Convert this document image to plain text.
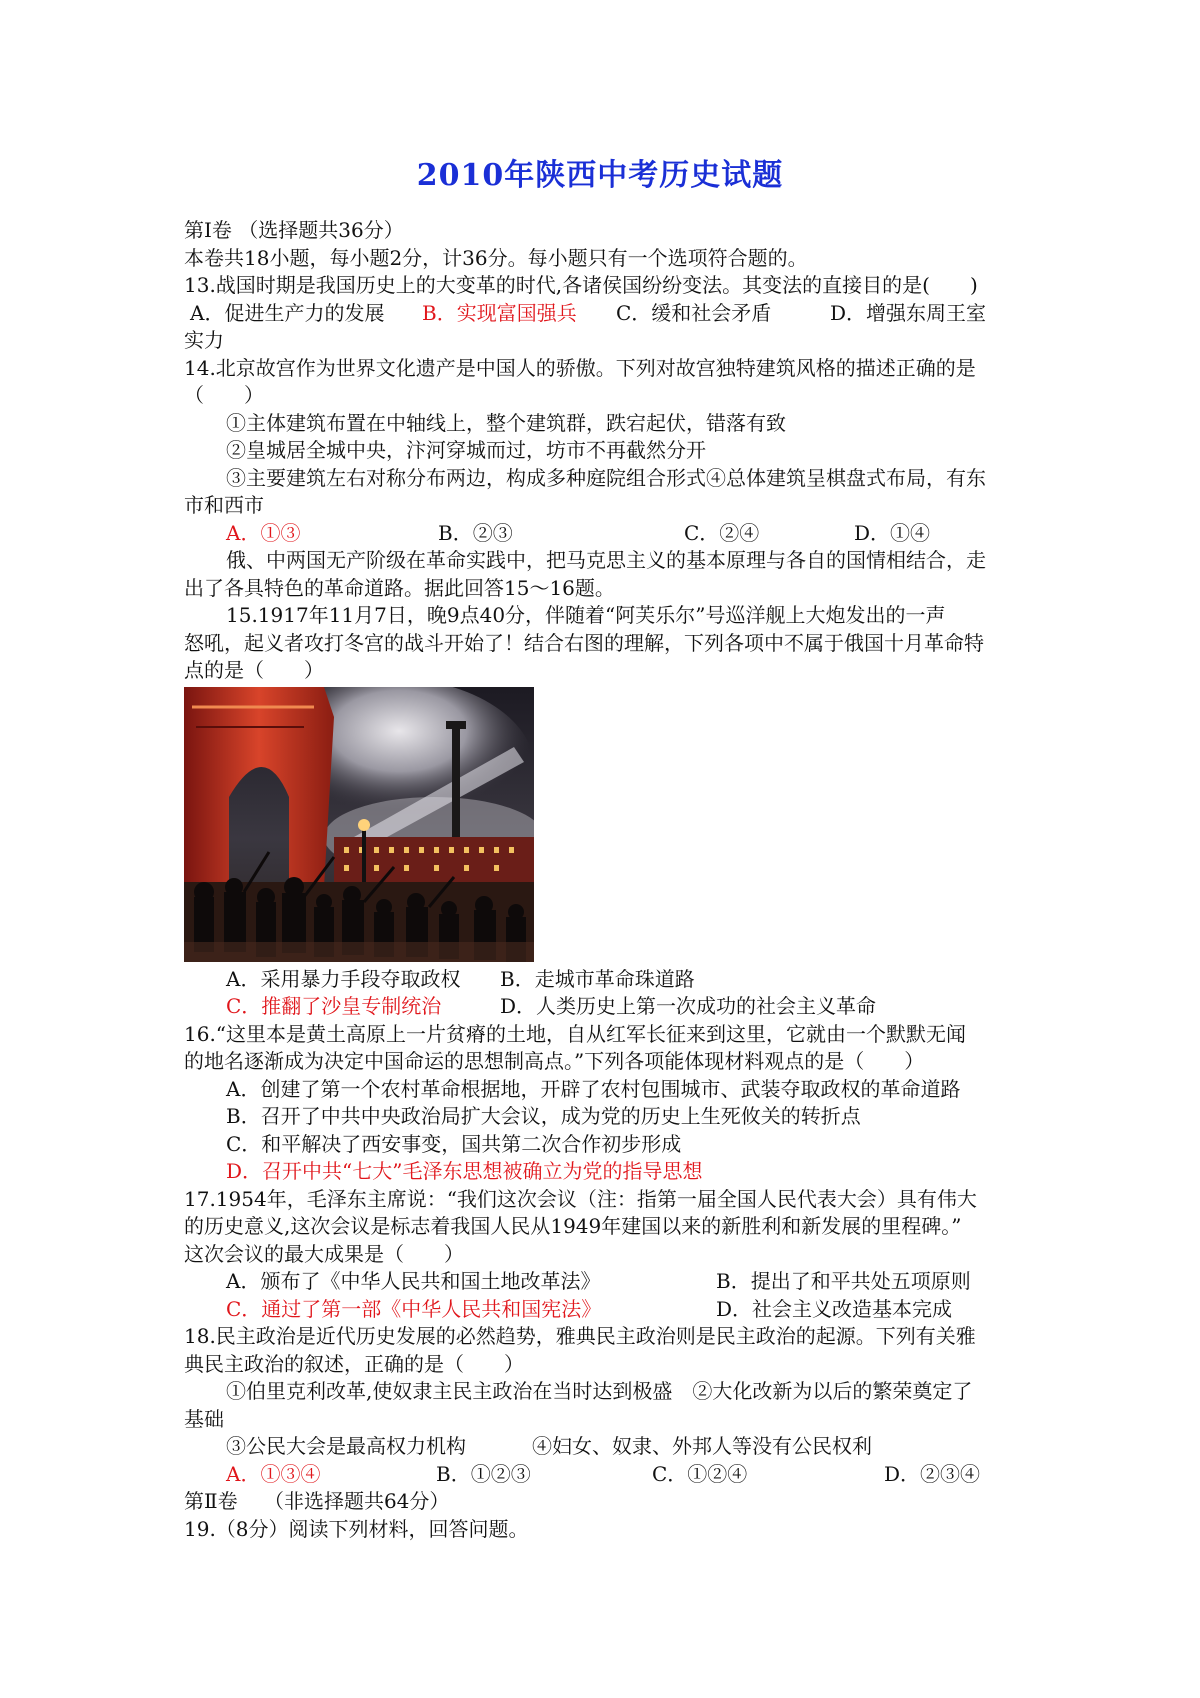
2010年陕西中考历史试题
第Ⅰ卷 （选择题共36分）
本卷共18小题，每小题2分，计36分。每小题只有一个选项符合题的。
13.战国时期是我国历史上的大变革的时代,各诸侯国纷纷变法。其变法的直接目的是(　　)
A．促进生产力的发展 B．实现富国强兵 C．缓和社会矛盾	D．增强东周王室
实力
14.北京故宫作为世界文化遗产是中国人的骄傲。下列对故宫独特建筑风格的描述正确的是
（　　）
①主体建筑布置在中轴线上，整个建筑群，跌宕起伏，错落有致
②皇城居全城中央，汴河穿城而过，坊市不再截然分开
③主要建筑左右对称分布两边，构成多种庭院组合形式④总体建筑呈棋盘式布局，有东
市和西市
A．①③	B．②③	C．②④	D．①④
俄、中两国无产阶级在革命实践中，把马克思主义的基本原理与各自的国情相结合，走
出了各具特色的革命道路。据此回答15～16题。
15.1917年11月7日，晚9点40分，伴随着“阿芙乐尔”号巡洋舰上大炮发出的一声
怒吼，起义者攻打冬宫的战斗开始了！结合右图的理解，下列各项中不属于俄国十月革命特
点的是（　　）
A．采用暴力手段夺取政权 B．走城市革命珠道路
C．推翻了沙皇专制统治	D．人类历史上第一次成功的社会主义革命
16.“这里本是黄土高原上一片贫瘠的土地，自从红军长征来到这里，它就由一个默默无闻
的地名逐渐成为决定中国命运的思想制高点。”下列各项能体现材料观点的是（　　）
A．创建了第一个农村革命根据地，开辟了农村包围城市、武装夺取政权的革命道路
B．召开了中共中央政治局扩大会议，成为党的历史上生死攸关的转折点
C．和平解决了西安事变，国共第二次合作初步形成
D．召开中共“七大”毛泽东思想被确立为党的指导思想
17.1954年，毛泽东主席说：“我们这次会议（注：指第一届全国人民代表大会）具有伟大
的历史意义,这次会议是标志着我国人民从1949年建国以来的新胜利和新发展的里程碑。”
这次会议的最大成果是（　　）
A．颁布了《中华人民共和国土地改革法》	B．提出了和平共处五项原则
C．通过了第一部《中华人民共和国宪法》	D．社会主义改造基本完成
18.民主政治是近代历史发展的必然趋势，雅典民主政治则是民主政治的起源。下列有关雅
典民主政治的叙述，正确的是（　　）
①伯里克利改革,使奴隶主民主政治在当时达到极盛　②大化改新为以后的繁荣奠定了
基础
③公民大会是最高权力机构	④妇女、奴隶、外邦人等没有公民权利
A．①③④	B．①②③	C．①②④	D．②③④
第Ⅱ卷　 （非选择题共64分）
19.（8分）阅读下列材料，回答问题。
